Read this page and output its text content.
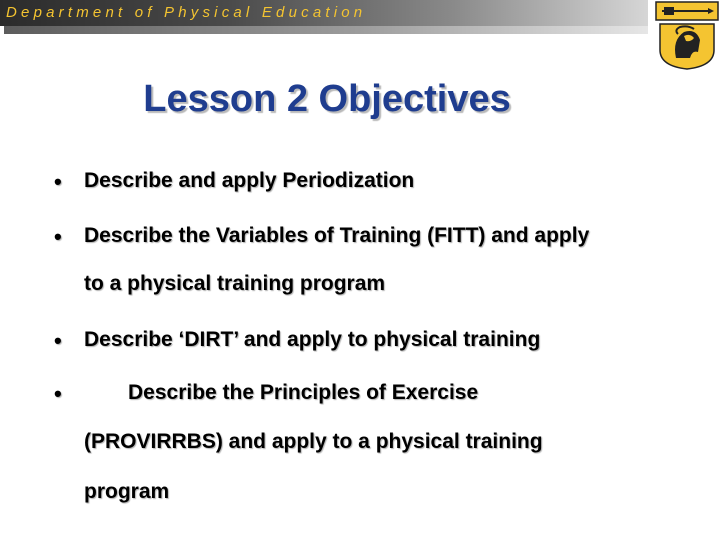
Department of Physical Education

Lesson 2 Objectives
• Describe and apply Periodization

• Describe the Variables of Training (FITT) and apply

to a physical training program

• Describe ‘DIRT’ and apply to physical training

•	Describe the Principles of Exercise

(PROVIRRBS) and apply to a physical training

program
